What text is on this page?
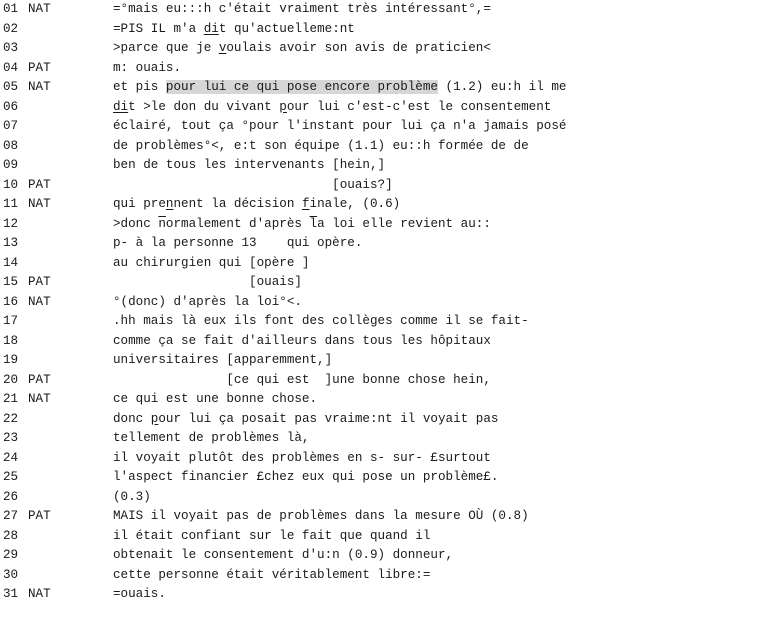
01 NAT	=°mais eu:::h c'était vraiment très intéressant°,=
02	=PIS IL m'a dit qu'actuelleme:nt
03	>parce que je voulais avoir son avis de praticien<
04 PAT	m: ouais.
05 NAT	et pis pour lui ce qui pose encore problème (1.2) eu:h il me
06	dit >le don du vivant pour lui c'est-c'est le consentement
07	éclairé, tout ça °pour l'instant pour lui ça n'a jamais posé
08	de problèmes°<, e:t son équipe (1.1) eu::h formée de de
09	ben de tous les intervenants [hein,]
10 PAT	[ouais?]
11 NAT	qui prennent la décision finale, (0.6)
12	>donc $\overline{n}ormalement$ d'après $\overline{l}a$ loi elle revient au::
13	p- à la personne 13    qui opère.
14	au chirurgien qui [opère ]
15 PAT	[ouais]
16 NAT	°(donc) d'après la loi°<.
17	.hh mais là eux ils font des collèges comme il se fait-
18	comme ça se fait d'ailleurs dans tous les hôpitaux
19	universitaires [apparemment,]
20 PAT	[ce qui est  ]une bonne chose hein,
21 NAT	ce qui est une bonne chose.
22	donc pour lui ça posait pas vraime:nt il voyait pas
23	tellement de problèmes là,
24	il voyait plutôt des problèmes en s- sur- £surtout
25	l'aspect financier £chez eux qui pose un problème£.
26	(0.3)
27 PAT	MAIS il voyait pas de problèmes dans la mesure OÙ (0.8)
28	il était confiant sur le fait que quand il
29	obtenait le consentement d'u:n (0.9) donneur,
30	cette personne était véritablement libre:=
31 NAT	=ouais.
